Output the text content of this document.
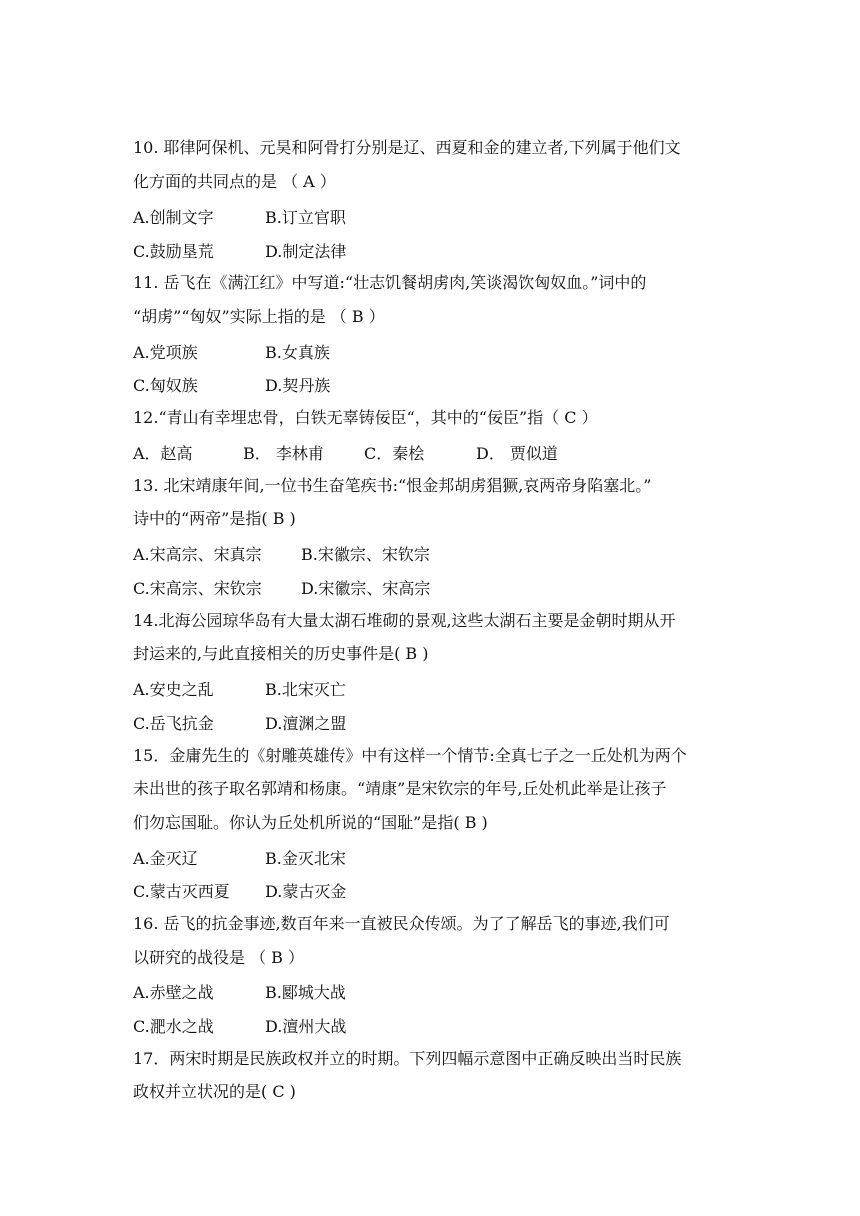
10. 耶律阿保机、元昊和阿骨打分别是辽、西夏和金的建立者,下列属于他们文
化方面的共同点的是 （ A ）
A.创制文字	B.订立官职
C.鼓励垦荒	D.制定法律
11. 岳飞在《满江红》中写道:“壮志饥餐胡虏肉,笑谈渴饮匈奴血。”词中的
“胡虏”“匈奴”实际上指的是 （ B ）
A.党项族	B.女真族
C.匈奴族	D.契丹族
12.“青山有幸埋忠骨，白铁无辜铸佞臣“，其中的“佞臣”指（ C ）
A．赵高	B． 李林甫	C．秦桧	D． 贾似道
13. 北宋靖康年间,一位书生奋笔疾书:“恨金邦胡虏猖獗,哀两帝身陷塞北。”
诗中的“两帝”是指( B )
A.宋高宗、宋真宗 B.宋徽宗、宋钦宗
C.宋高宗、宋钦宗 D.宋徽宗、宋高宗
14.北海公园琼华岛有大量太湖石堆砌的景观,这些太湖石主要是金朝时期从开
封运来的,与此直接相关的历史事件是( B )
A.安史之乱	B.北宋灭亡
C.岳飞抗金	D.澶渊之盟
15．金庸先生的《射雕英雄传》中有这样一个情节:全真七子之一丘处机为两个
未出世的孩子取名郭靖和杨康。“靖康”是宋钦宗的年号,丘处机此举是让孩子
们勿忘国耻。你认为丘处机所说的“国耻”是指( B )
A.金灭辽	B.金灭北宋
C.蒙古灭西夏 D.蒙古灭金
16. 岳飞的抗金事迹,数百年来一直被民众传颂。为了了解岳飞的事迹,我们可
以研究的战役是 （ B ）
A.赤壁之战	B.郾城大战
C.淝水之战	D.澶州大战
17．两宋时期是民族政权并立的时期。下列四幅示意图中正确反映出当时民族
政权并立状况的是( C )
